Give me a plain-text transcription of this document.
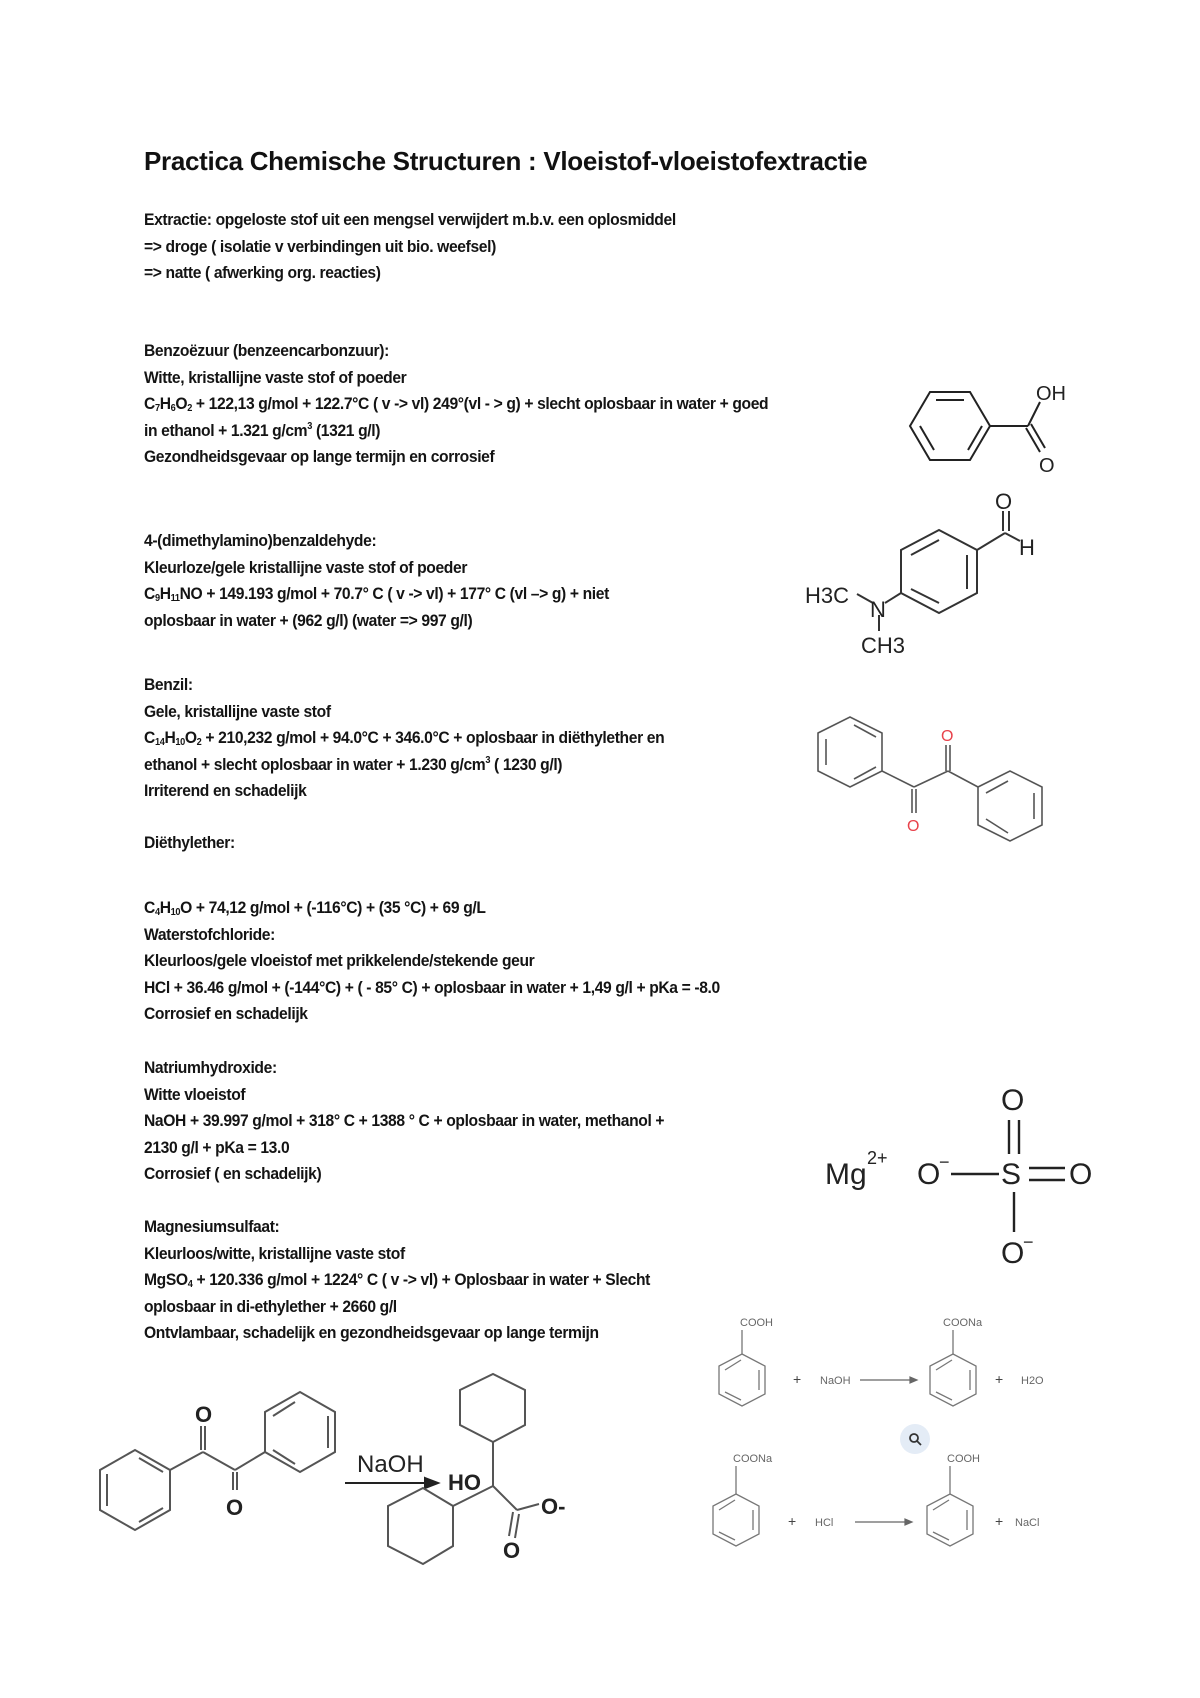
Practica Chemische Structuren : Vloeistof-vloeistofextractie
Extractie: opgeloste stof uit een mengsel verwijdert m.b.v. een oplosmiddel
=> droge ( isolatie v verbindingen uit bio. weefsel)
=> natte ( afwerking org. reacties)
Benzoëzuur (benzeencarbonzuur):
Witte, kristallijne vaste stof of poeder
$C_7H_6O_2 + 122,13$ g/mol + 122.7°C ( v -> vl) 249°(vl - > g) + slecht oplosbaar in water + goed
in ethanol + 1.321 $g/cm^3$ (1321 g/l)
Gezondheidsgevaar op lange termijn en corrosief
4-(dimethylamino)benzaldehyde:
Kleurloze/gele kristallijne vaste stof of poeder
$C_9H_{11}NO + 149.193$ g/mol + 70.7° C ( v -> vl) + 177° C (vl –> g) + niet
oplosbaar in water + (962 g/l) (water => 997 g/l)
Benzil:
Gele, kristallijne vaste stof
$C_{14}H_{10}O_2 + 210,232$ g/mol + 94.0°C + 346.0°C + oplosbaar in diëthylether en
ethanol + slecht oplosbaar in water + 1.230 $g/cm^3$ ( 1230 g/l)
Irriterend en schadelijk
Diëthylether:
$C_4H_{10}O + 74,12$ g/mol + (-116°C) + (35 °C) + 69 g/L
Waterstofchloride:
Kleurloos/gele vloeistof met prikkelende/stekende geur
HCl + 36.46 g/mol + (-144°C) + ( - 85° C) + oplosbaar in water + 1,49 g/l + pKa = -8.0
Corrosief en schadelijk
Natriumhydroxide:
Witte vloeistof
NaOH + 39.997 g/mol + 318° C + 1388 ° C + oplosbaar in water, methanol +
2130 g/l + pKa = 13.0
Corrosief ( en schadelijk)
Magnesiumsulfaat:
Kleurloos/witte, kristallijne vaste stof
MgSO$_4$ + 120.336 g/mol + 1224° C ( v -> vl) + Oplosbaar in water + Slecht
oplosbaar in di-ethylether + 2660 g/l
Ontvlambaar, schadelijk en gezondheidsgevaar op lange termijn
OH
O
O
H
H3C
N
CH3
O
O
Mg 2+ O
− S O
O
O
−
O
O
NaOH
HO
O-
O
COOH
+ NaOH
COONa
+ H2O
COONa
+ HCl
COOH
+ NaCl
